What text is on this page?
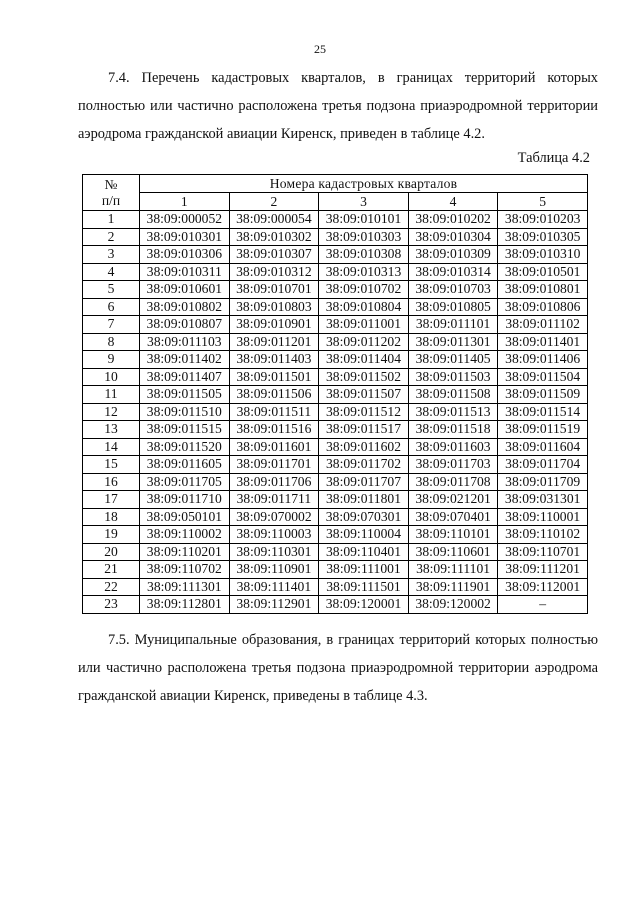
25

7.4. Перечень кадастровых кварталов, в границах территорий которых полностью или частично расположена третья подзона приаэродромной территории аэродрома гражданской авиации Киренск, приведен в таблице 4.2.

Таблица 4.2
№
п/п	Номера кадастровых кварталов				
	1	2	3	4	5
1	38:09:000052	38:09:000054	38:09:010101	38:09:010202	38:09:010203
2	38:09:010301	38:09:010302	38:09:010303	38:09:010304	38:09:010305
3	38:09:010306	38:09:010307	38:09:010308	38:09:010309	38:09:010310
4	38:09:010311	38:09:010312	38:09:010313	38:09:010314	38:09:010501
5	38:09:010601	38:09:010701	38:09:010702	38:09:010703	38:09:010801
6	38:09:010802	38:09:010803	38:09:010804	38:09:010805	38:09:010806
7	38:09:010807	38:09:010901	38:09:011001	38:09:011101	38:09:011102
8	38:09:011103	38:09:011201	38:09:011202	38:09:011301	38:09:011401
9	38:09:011402	38:09:011403	38:09:011404	38:09:011405	38:09:011406
10	38:09:011407	38:09:011501	38:09:011502	38:09:011503	38:09:011504
11	38:09:011505	38:09:011506	38:09:011507	38:09:011508	38:09:011509
12	38:09:011510	38:09:011511	38:09:011512	38:09:011513	38:09:011514
13	38:09:011515	38:09:011516	38:09:011517	38:09:011518	38:09:011519
14	38:09:011520	38:09:011601	38:09:011602	38:09:011603	38:09:011604
15	38:09:011605	38:09:011701	38:09:011702	38:09:011703	38:09:011704
16	38:09:011705	38:09:011706	38:09:011707	38:09:011708	38:09:011709
17	38:09:011710	38:09:011711	38:09:011801	38:09:021201	38:09:031301
18	38:09:050101	38:09:070002	38:09:070301	38:09:070401	38:09:110001
19	38:09:110002	38:09:110003	38:09:110004	38:09:110101	38:09:110102
20	38:09:110201	38:09:110301	38:09:110401	38:09:110601	38:09:110701
21	38:09:110702	38:09:110901	38:09:111001	38:09:111101	38:09:111201
22	38:09:111301	38:09:111401	38:09:111501	38:09:111901	38:09:112001
23	38:09:112801	38:09:112901	38:09:120001	38:09:120002	–

7.5. Муниципальные образования, в границах территорий которых полностью или частично расположена третья подзона приаэродромной территории аэродрома гражданской авиации Киренск, приведены в таблице 4.3.
